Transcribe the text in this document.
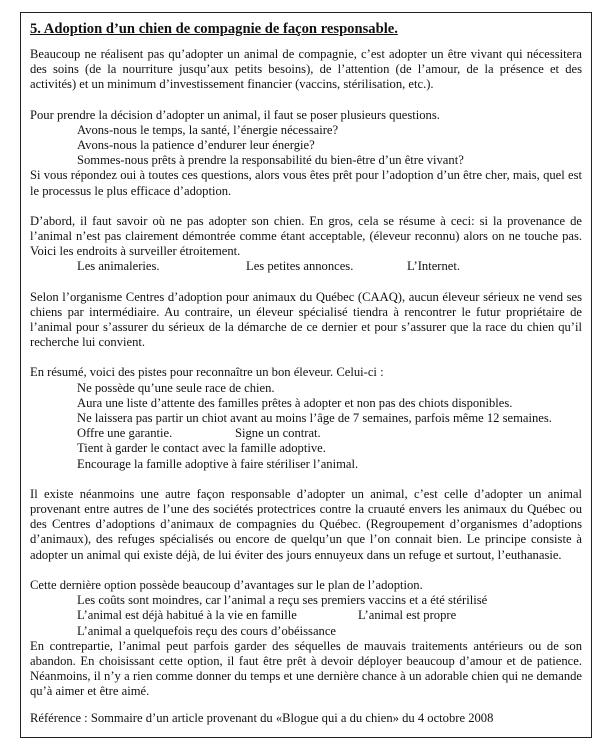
5. Adoption d’un chien de compagnie de façon responsable.
Beaucoup ne réalisent pas qu’adopter un animal de compagnie, c’est adopter un être vivant qui nécessitera des soins (de la nourriture jusqu’aux petits besoins), de l’attention (de l’amour, de la présence et des activités) et un minimum d’investissement financier (vaccins, stérilisation, etc.).
Pour prendre la décision d’adopter un animal, il faut se poser plusieurs questions.
Avons-nous le temps, la santé, l’énergie nécessaire?
Avons-nous la patience d’endurer leur énergie?
Sommes-nous prêts à prendre la responsabilité du bien-être d’un être vivant?
Si vous répondez oui à toutes ces questions, alors vous êtes prêt pour l’adoption d’un être cher, mais, quel est le processus le plus efficace d’adoption.
D’abord, il faut savoir où ne pas adopter son chien. En gros, cela se résume à ceci: si la provenance de l’animal n’est pas clairement démontrée comme étant acceptable, (éleveur reconnu) alors on ne touche pas. Voici les endroits à surveiller étroitement.
Les animaleries.	Les petites annonces.	L’Internet.
Selon l’organisme Centres d’adoption pour animaux du Québec (CAAQ), aucun éleveur sérieux ne vend ses chiens par intermédiaire. Au contraire, un éleveur spécialisé tiendra à rencontrer le futur propriétaire de l’animal pour s’assurer du sérieux de la démarche de ce dernier et pour s’assurer que la race du chien qu’il recherche lui convient.
En résumé, voici des pistes pour reconnaître un bon éleveur. Celui-ci :
Ne possède qu’une seule race de chien.
Aura une liste d’attente des familles prêtes à adopter et non pas des chiots disponibles.
Ne laissera pas partir un chiot avant au moins l’âge de 7 semaines, parfois même 12 semaines.
Offre une garantie.	Signe un contrat.
Tient à garder le contact avec la famille adoptive.
Encourage la famille adoptive à faire stériliser l’animal.
Il existe néanmoins une autre façon responsable d’adopter un animal, c’est celle d’adopter un animal provenant entre autres de l’une des sociétés protectrices contre la cruauté envers les animaux du Québec ou des Centres d’adoptions d’animaux de compagnies du Québec. (Regroupement d’organismes d’adoptions d’animaux), des refuges spécialisés ou encore de quelqu’un que l’on connait bien. Le principe consiste à adopter un animal qui existe déjà, de lui éviter des jours ennuyeux dans un refuge et surtout, l’euthanasie.
Cette dernière option possède beaucoup d’avantages sur le plan de l’adoption.
Les coûts sont moindres, car l’animal a reçu ses premiers vaccins et a été stérilisé
L’animal est déjà habitué à la vie en famille	L’animal est propre
L’animal a quelquefois reçu des cours d’obéissance
En contrepartie, l’animal peut parfois garder des séquelles de mauvais traitements antérieurs ou de son abandon. En choisissant cette option, il faut être prêt à devoir déployer beaucoup d’amour et de patience. Néanmoins, il n’y a rien comme donner du temps et une dernière chance à un adorable chien qui ne demande qu’à aimer et être aimé.
Référence : Sommaire d’un article provenant du «Blogue qui a du chien» du 4 octobre 2008
